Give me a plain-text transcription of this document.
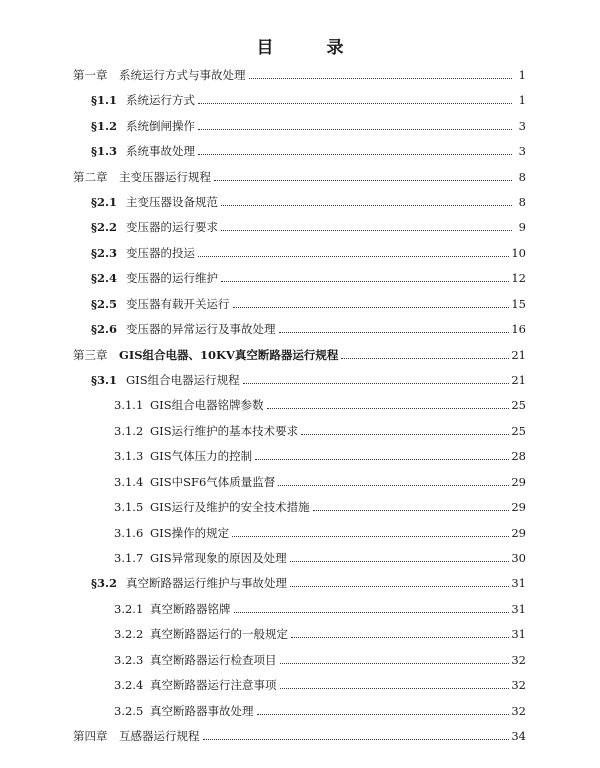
目　录
第一章	系统运行方式与事故处理	1
§1.1 系统运行方式	1
§1.2 系统倒闸操作	3
§1.3 系统事故处理	3
第二章	主变压器运行规程	8
§2.1 主变压器设备规范	8
§2.2 变压器的运行要求	9
§2.3 变压器的投运	10
§2.4 变压器的运行维护	12
§2.5 变压器有载开关运行	15
§2.6 变压器的异常运行及事故处理	16
第三章	GIS组合电器、10KV真空断路器运行规程	21
§3.1 GIS组合电器运行规程	21
3.1.1 GIS组合电器铭牌参数	25
3.1.2 GIS运行维护的基本技术要求	25
3.1.3 GIS气体压力的控制	28
3.1.4 GIS中SF6气体质量监督	29
3.1.5 GIS运行及维护的安全技术措施	29
3.1.6 GIS操作的规定	29
3.1.7 GIS异常现象的原因及处理	30
§3.2 真空断路器运行维护与事故处理	31
3.2.1 真空断路器铭牌	31
3.2.2 真空断路器运行的一般规定	31
3.2.3 真空断路器运行检查项目	32
3.2.4 真空断路器运行注意事项	32
3.2.5 真空断路器事故处理	32
第四章	互感器运行规程	34
